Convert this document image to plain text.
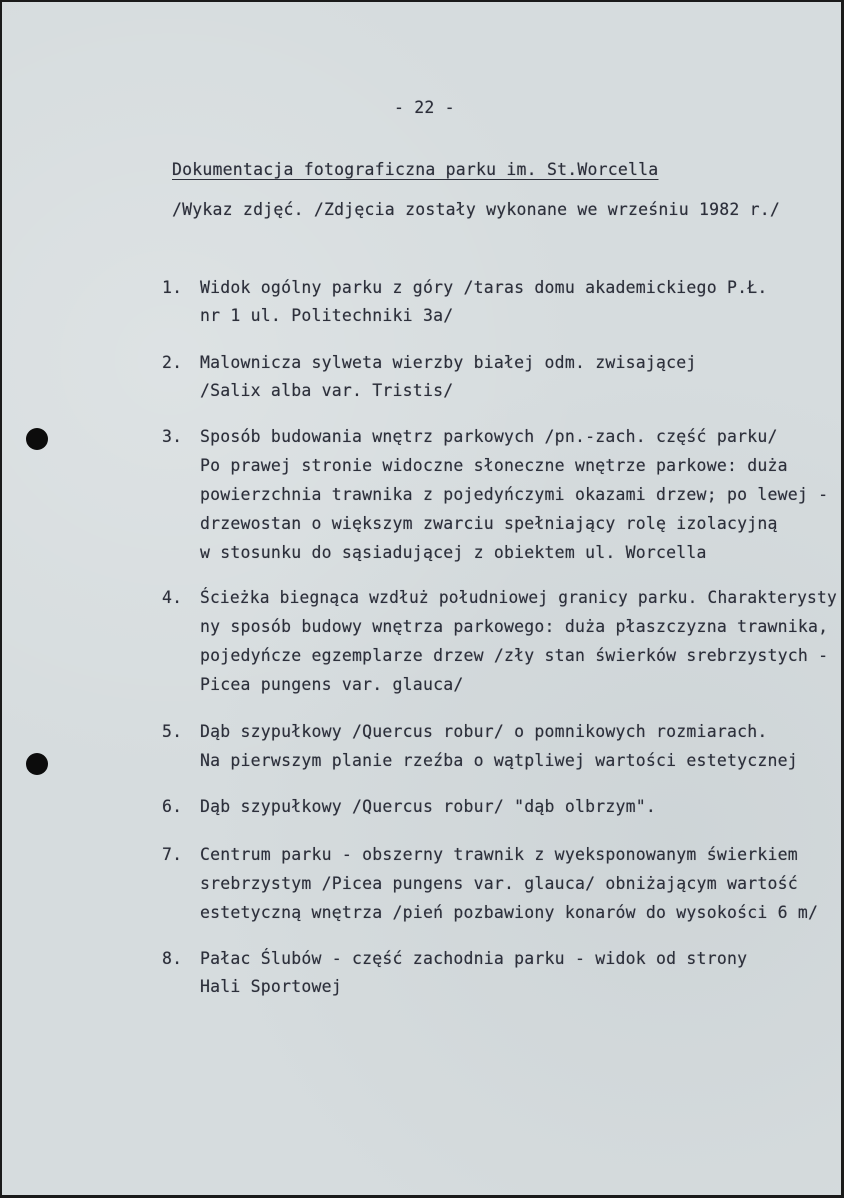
- 22 -
Dokumentacja fotograficzna parku im. St.Worcella
/Wykaz zdjęć. /Zdjęcia zostały wykonane we wrześniu 1982 r./
1. Widok ogólny parku z góry /taras domu akademickiego P.Ł.
nr 1 ul. Politechniki 3a/
2. Malownicza sylweta wierzby białej odm. zwisającej
/Salix alba var. Tristis/
3. Sposób budowania wnętrz parkowych /pn.-zach. część parku/
Po prawej stronie widoczne słoneczne wnętrze parkowe: duża
powierzchnia trawnika z pojedyńczymi okazami drzew; po lewej -
drzewostan o większym zwarciu spełniający rolę izolacyjną
w stosunku do sąsiadującej z obiektem ul. Worcella
4. Ścieżka biegnąca wzdłuż południowej granicy parku. Charakterysty
ny sposób budowy wnętrza parkowego: duża płaszczyzna trawnika,
pojedyńcze egzemplarze drzew /zły stan świerków srebrzystych -
Picea pungens var. glauca/
5. Dąb szypułkowy /Quercus robur/ o pomnikowych rozmiarach.
Na pierwszym planie rzeźba o wątpliwej wartości estetycznej
6. Dąb szypułkowy /Quercus robur/ "dąb olbrzym".
7. Centrum parku - obszerny trawnik z wyeksponowanym świerkiem
srebrzystym /Picea pungens var. glauca/ obniżającym wartość
estetyczną wnętrza /pień pozbawiony konarów do wysokości 6 m/
8. Pałac Ślubów - część zachodnia parku - widok od strony
Hali Sportowej
